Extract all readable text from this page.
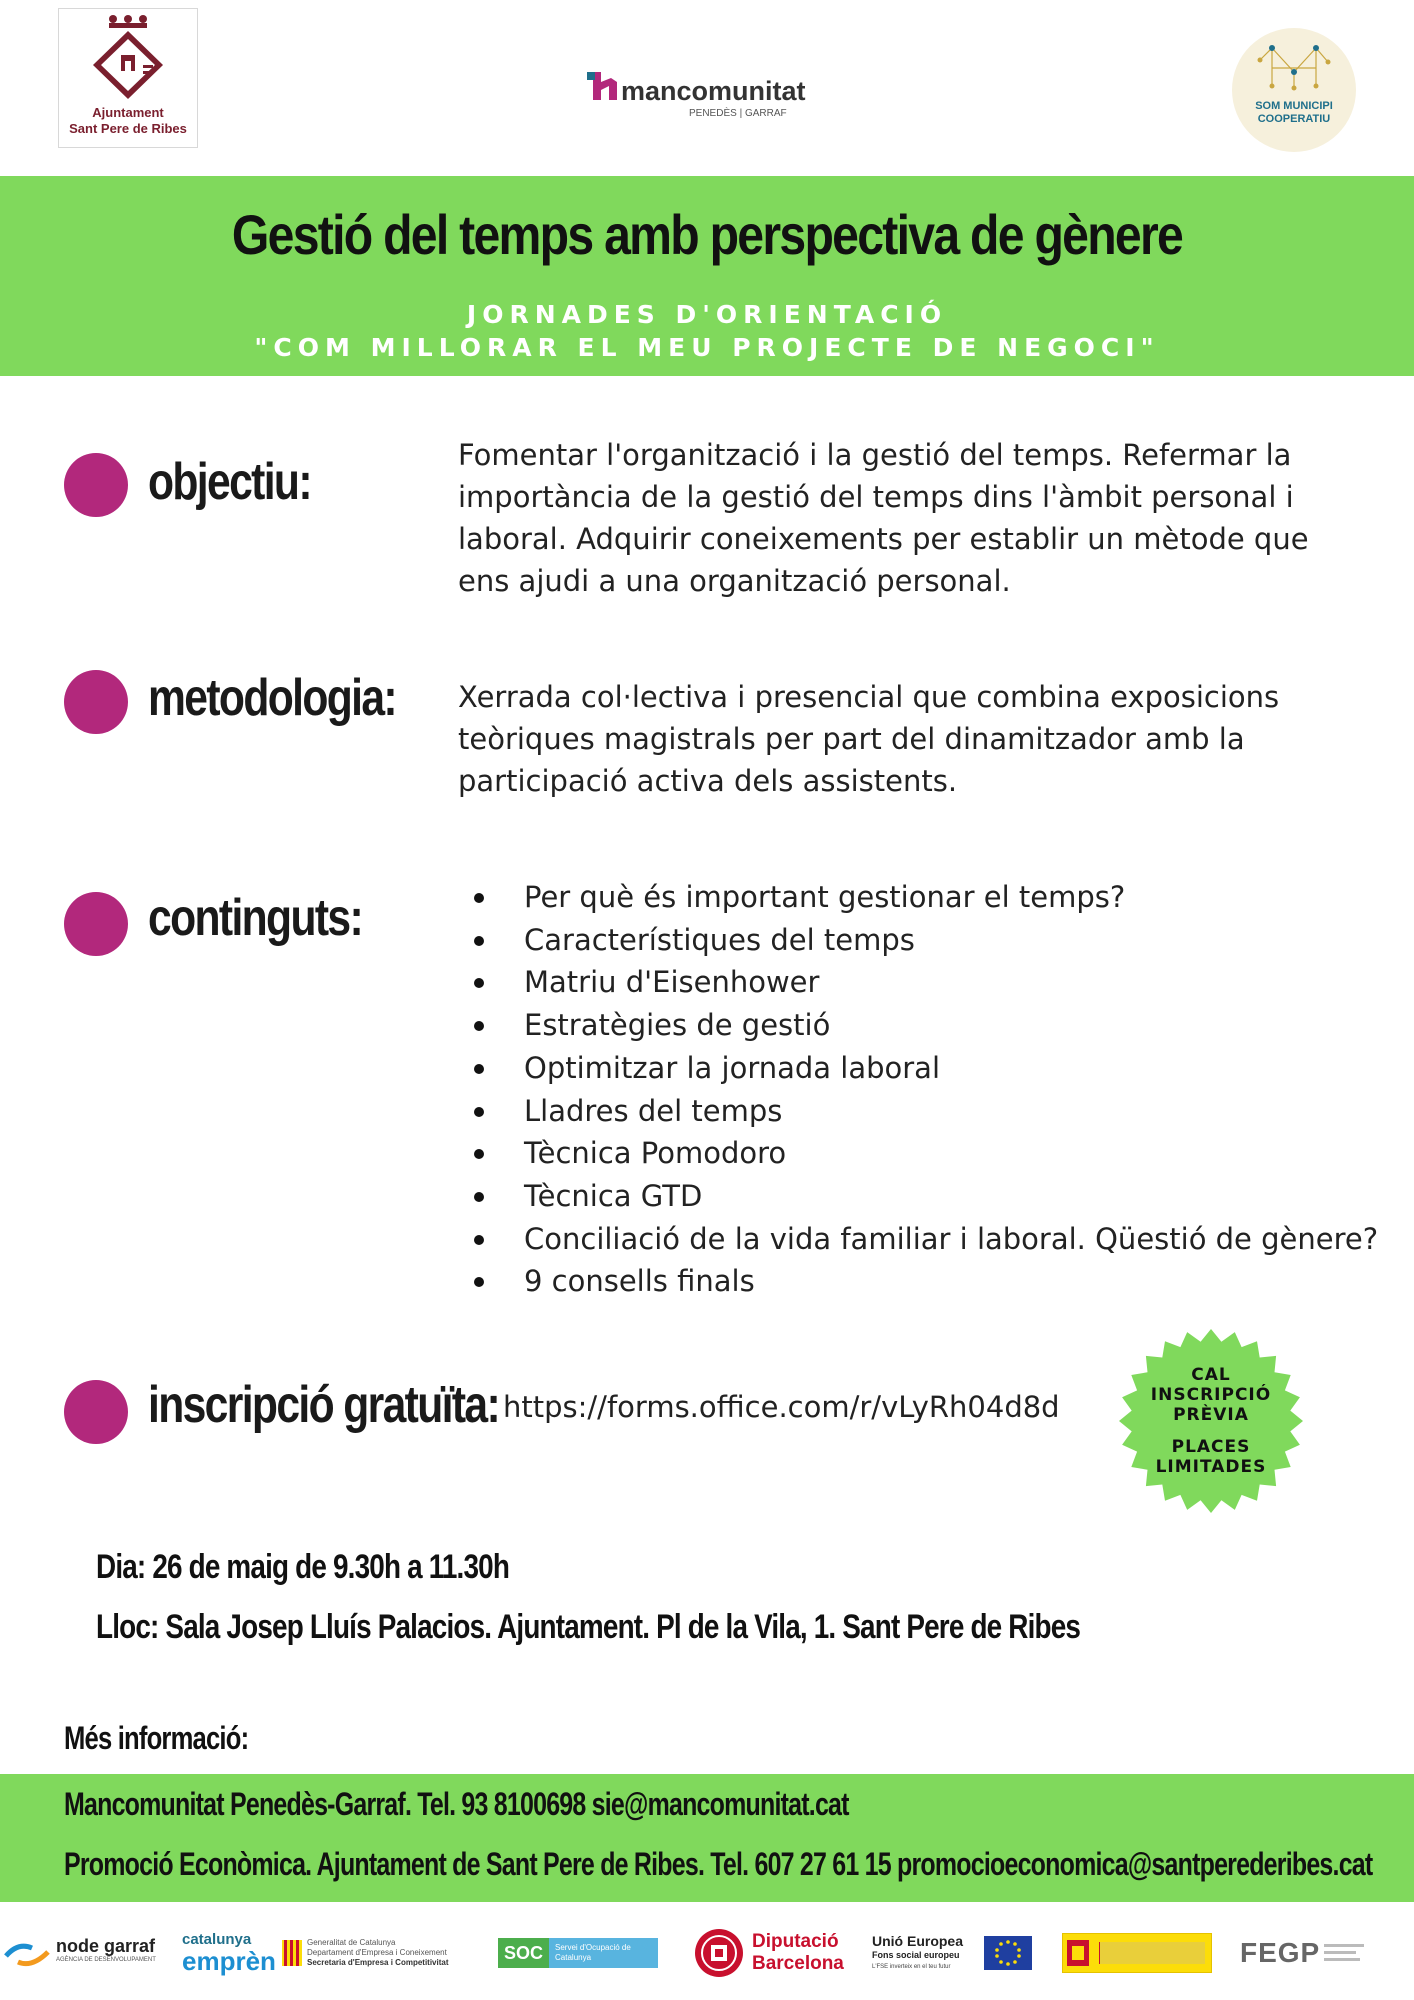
Ajuntament
Sant Pere de Ribes
mancomunitat
PENEDÈS | GARRAF
SOM MUNICIPI
COOPERATIU
Gestió del temps amb perspectiva de gènere
JORNADES D'ORIENTACIÓ
"COM MILLORAR EL MEU PROJECTE DE NEGOCI"
objectiu:	Fomentar l'organització i la gestió del temps. Refermar la importància de la gestió del temps dins l'àmbit personal i laboral. Adquirir coneixements per establir un mètode que ens ajudi a una organització personal.
metodologia: Xerrada col·lectiva i presencial que combina exposicions teòriques magistrals per part del dinamitzador amb la participació activa dels assistents.
continguts:	Per què és important gestionar el temps?
Característiques del temps
Matriu d'Eisenhower
Estratègies de gestió
Optimitzar la jornada laboral
Lladres del temps
Tècnica Pomodoro
Tècnica GTD
Conciliació de la vida familiar i laboral. Qüestió de gènere?
9 consells finals
inscripció gratuïta: https://forms.office.com/r/vLyRh04d8d
CAL
INSCRIPCIÓ
PRÈVIA
PLACES
LIMITADES
Dia: 26 de maig de 9.30h a 11.30h
Lloc: Sala Josep Lluís Palacios. Ajuntament. Pl de la Vila, 1. Sant Pere de Ribes
Més informació:
Mancomunitat Penedès-Garraf. Tel. 93 8100698 sie@mancomunitat.cat
Promoció Econòmica. Ajuntament de Sant Pere de Ribes. Tel. 607 27 61 15 promocioeconomica@santperederibes.cat
node garraf
AGÈNCIA DE DESENVOLUPAMENT
catalunya
emprèn
Generalitat de Catalunya
Departament d'Empresa i Coneixement
Secretaria d'Empresa i Competitivitat	SOC	Servei d'Ocupació de Catalunya
Diputació
Barcelona
Unió Europea
Fons social europeu
L'FSE inverteix en el teu futur	FEGP
